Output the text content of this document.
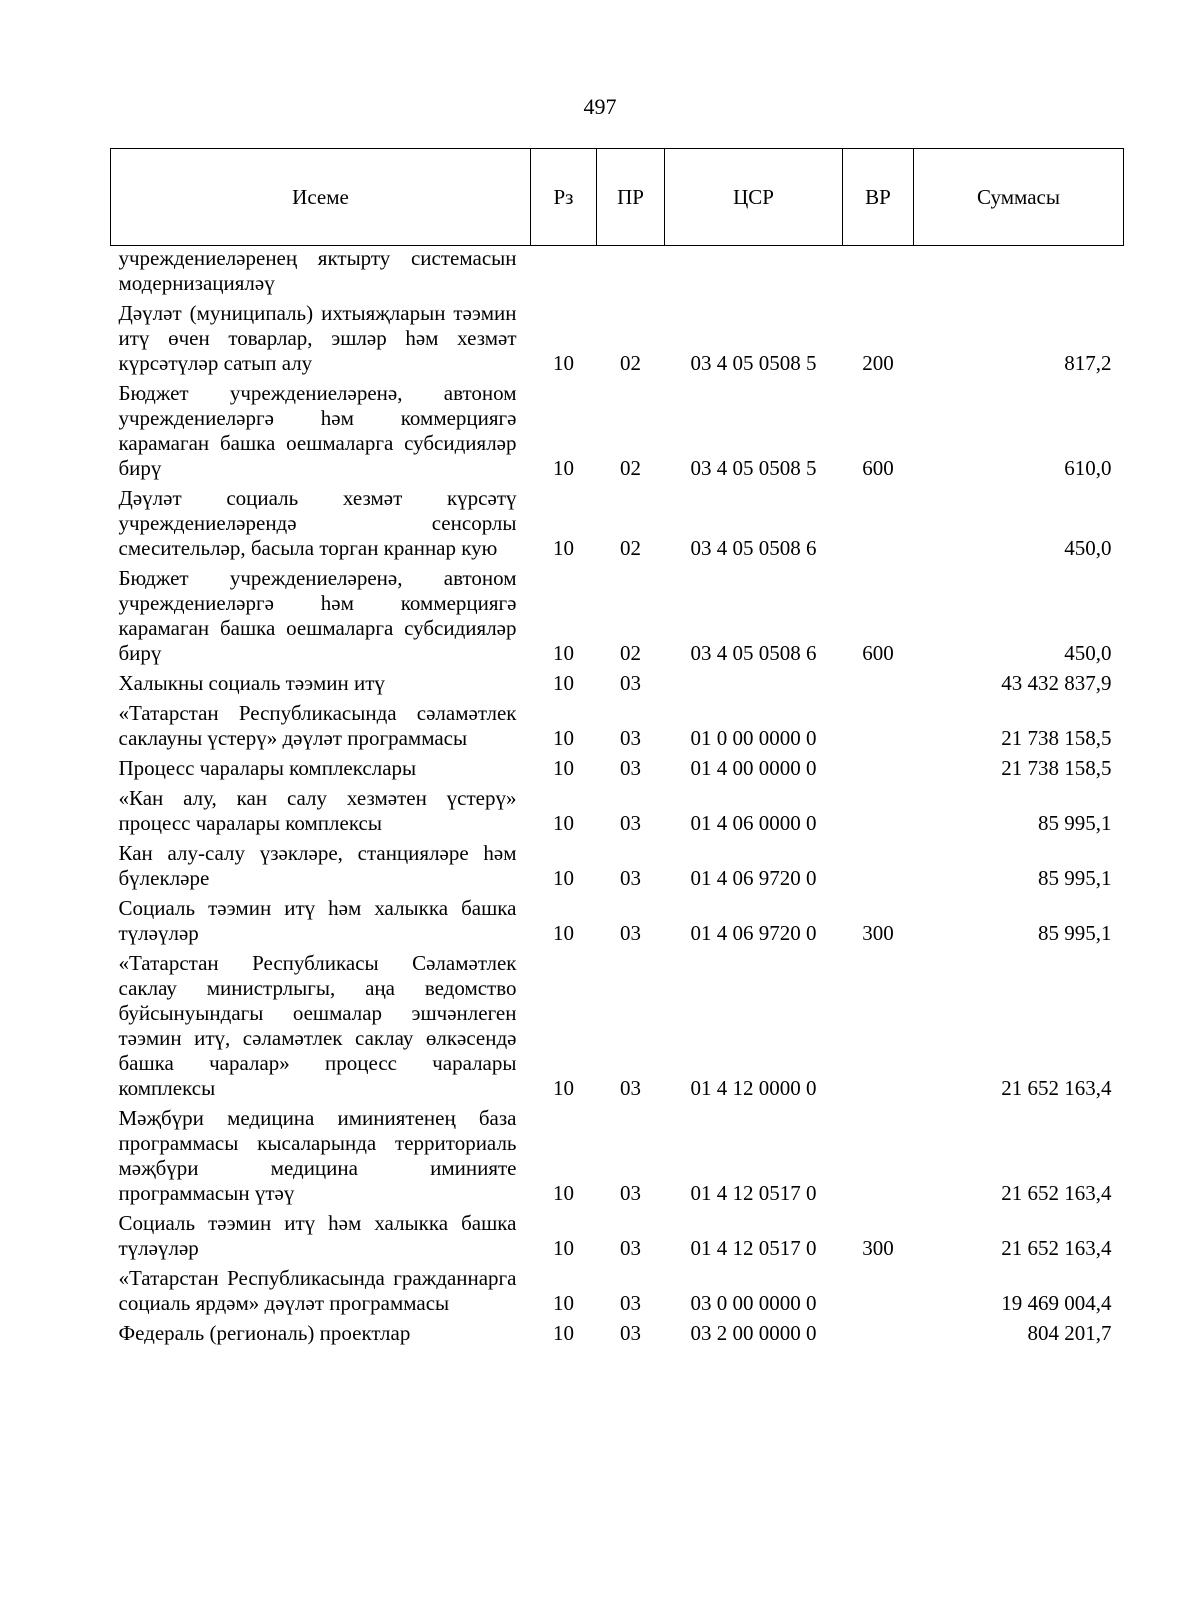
497
Исеме	Рз	ПР	ЦСР	ВР	Суммасы
учреждениеләренең яктырту системасын модернизацияләү					
Дәүләт (муниципаль) ихтыяҗларын тәэмин итү өчен товарлар, эшләр һәм хезмәт күрсәтүләр сатып алу	10	02	03 4 05 0508 5	200	817,2
Бюджет учреждениеләренә, автоном учреждениеләргә һәм коммерциягә карамаган башка оешмаларга субсидияләр бирү	10	02	03 4 05 0508 5	600	610,0
Дәүләт социаль хезмәт күрсәтү учреждениеләрендә сенсорлы смесительләр, басыла торган краннар кую	10	02	03 4 05 0508 6		450,0
Бюджет учреждениеләренә, автоном учреждениеләргә һәм коммерциягә карамаган башка оешмаларга субсидияләр бирү	10	02	03 4 05 0508 6	600	450,0
Халыкны социаль тәэмин итү	10	03			43 432 837,9
«Татарстан Республикасында сәламәтлек саклауны үстерү» дәүләт программасы	10	03	01 0 00 0000 0		21 738 158,5
Процесс чаралары комплекслары	10	03	01 4 00 0000 0		21 738 158,5
«Кан алу, кан салу хезмәтен үстерү» процесс чаралары комплексы	10	03	01 4 06 0000 0		85 995,1
Кан алу-салу үзәкләре, станцияләре һәм бүлекләре	10	03	01 4 06 9720 0		85 995,1
Социаль тәэмин итү һәм халыкка башка түләүләр	10	03	01 4 06 9720 0	300	85 995,1
«Татарстан Республикасы Сәламәтлек саклау министрлыгы, аңа ведомство буйсынуындагы оешмалар эшчәнлеген тәэмин итү, сәламәтлек саклау өлкәсендә башка чаралар» процесс чаралары комплексы	10	03	01 4 12 0000 0		21 652 163,4
Мәҗбүри медицина иминиятенең база программасы кысаларында территориаль мәҗбүри медицина иминияте программасын үтәү	10	03	01 4 12 0517 0		21 652 163,4
Социаль тәэмин итү һәм халыкка башка түләүләр	10	03	01 4 12 0517 0	300	21 652 163,4
«Татарстан Республикасында гражданнарга социаль ярдәм» дәүләт программасы	10	03	03 0 00 0000 0		19 469 004,4
Федераль (региональ) проектлар	10	03	03 2 00 0000 0		804 201,7
